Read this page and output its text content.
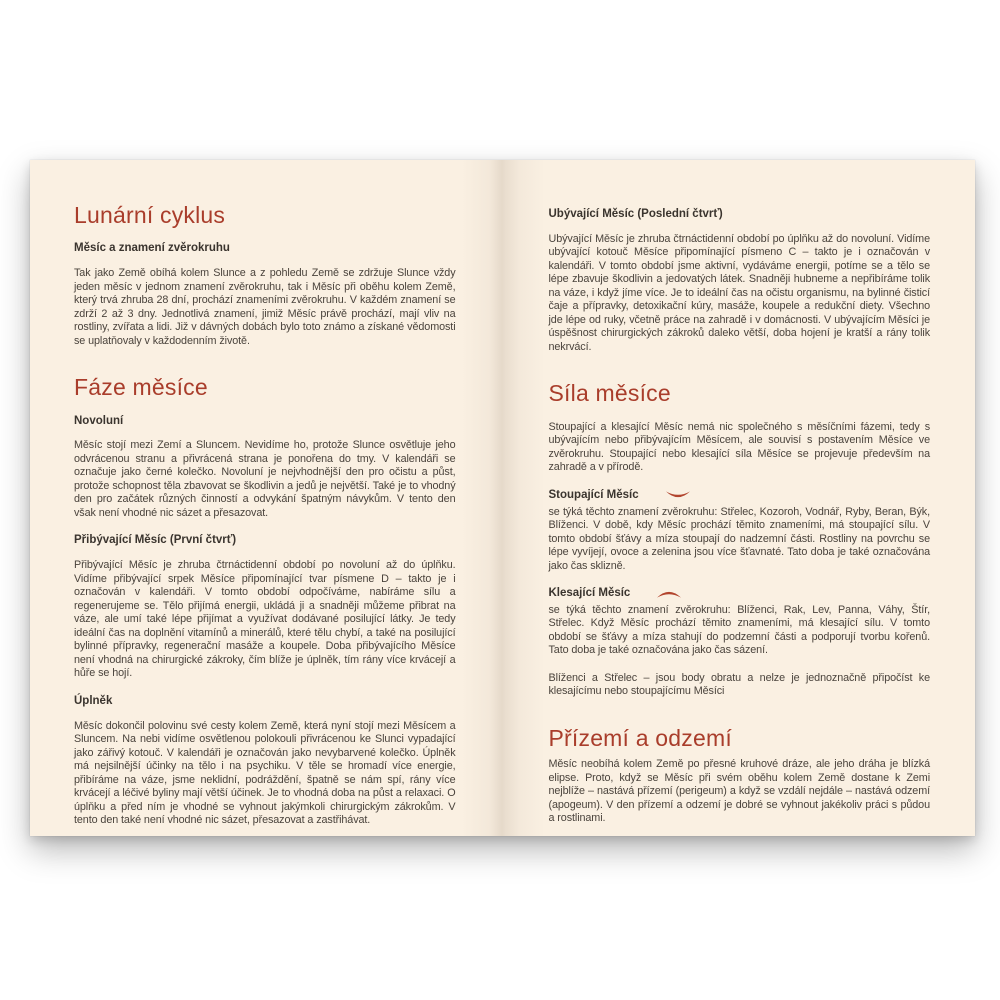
Lunární cyklus
Měsíc a znamení zvěrokruhu

Tak jako Země obíhá kolem Slunce a z pohledu Země se zdržuje Slunce vždy jeden měsíc v jednom znamení zvěrokruhu, tak i Měsíc při oběhu kolem Země, který trvá zhruba 28 dní, prochází znameními zvěrokruhu. V každém znamení se zdrží 2 až 3 dny. Jednotlivá znamení, jimiž Měsíc právě prochází, mají vliv na rostliny, zvířata a lidi. Již v dávných dobách bylo toto známo a získané vědomosti se uplatňovaly v každodenním životě.

Fáze měsíce
Novoluní

Měsíc stojí mezi Zemí a Sluncem. Nevidíme ho, protože Slunce osvětluje jeho odvrácenou stranu a přivrácená strana je ponořena do tmy. V kalendáři se označuje jako černé kolečko. Novoluní je nejvhodnější den pro očistu a půst, protože schopnost těla zbavovat se škodlivin a jedů je největší. Také je to vhodný den pro začátek různých činností a odvykání špatným návykům. V tento den však není vhodné nic sázet a přesazovat.

Přibývající Měsíc (První čtvrť)

Přibývající Měsíc je zhruba čtrnáctidenní období po novoluní až do úplňku. Vidíme přibývající srpek Měsíce připomínající tvar písmene D – takto je i označován v kalendáři. V tomto období odpočíváme, nabíráme sílu a regenerujeme se. Tělo přijímá energii, ukládá ji a snadněji můžeme přibrat na váze, ale umí také lépe přijímat a využívat dodávané posilující látky. Je tedy ideální čas na doplnění vitamínů a minerálů, které tělu chybí, a také na posilující bylinné přípravky, regenerační masáže a koupele. Doba přibývajícího Měsíce není vhodná na chirurgické zákroky, čím blíže je úplněk, tím rány více krvácejí a hůře se hojí.

Úplněk

Měsíc dokončil polovinu své cesty kolem Země, která nyní stojí mezi Měsícem a Sluncem. Na nebi vidíme osvětlenou polokouli přivrácenou ke Slunci vypadající jako zářivý kotouč. V kalendáři je označován jako nevybarvené kolečko. Úplněk má nejsilnější účinky na tělo i na psychiku. V těle se hromadí více energie, přibíráme na váze, jsme neklidní, podráždění, špatně se nám spí, rány více krvácejí a léčivé byliny mají větší účinek. Je to vhodná doba na půst a relaxaci. O úplňku a před ním je vhodné se vyhnout jakýmkoli chirurgickým zákrokům. V tento den také není vhodné nic sázet, přesazovat a zastřihávat.

Ubývající Měsíc (Poslední čtvrť)

Ubývající Měsíc je zhruba čtrnáctidenní období po úplňku až do novoluní. Vidíme ubývající kotouč Měsíce připomínající písmeno C – takto je i označován v kalendáři. V tomto období jsme aktivní, vydáváme energii, potíme se a tělo se lépe zbavuje škodlivin a jedovatých látek. Snadněji hubneme a nepřibíráme tolik na váze, i když jíme více. Je to ideální čas na očistu organismu, na bylinné čisticí čaje a přípravky, detoxikační kúry, masáže, koupele a redukční diety. Všechno jde lépe od ruky, včetně práce na zahradě i v domácnosti. V ubývajícím Měsíci je úspěšnost chirurgických zákroků daleko větší, doba hojení je kratší a rány tolik nekrvácí.

Síla měsíce

Stoupající a klesající Měsíc nemá nic společného s měsíčními fázemi, tedy s ubývajícím nebo přibývajícím Měsícem, ale souvisí s postavením Měsíce ve zvěrokruhu. Stoupající nebo klesající síla Měsíce se projevuje především na zahradě a v přírodě.

Stoupající Měsíc

se týká těchto znamení zvěrokruhu: Střelec, Kozoroh, Vodnář, Ryby, Beran, Býk, Blíženci. V době, kdy Měsíc prochází těmito znameními, má stoupající sílu. V tomto období šťávy a míza stoupají do nadzemní části. Rostliny na povrchu se lépe vyvíjejí, ovoce a zelenina jsou více šťavnaté. Tato doba je také označována jako čas sklizně.

Klesající Měsíc

se týká těchto znamení zvěrokruhu: Blíženci, Rak, Lev, Panna, Váhy, Štír, Střelec. Když Měsíc prochází těmito znameními, má klesající sílu. V tomto období se šťávy a míza stahují do podzemní části a podporují tvorbu kořenů. Tato doba je také označována jako čas sázení.

Blíženci a Střelec – jsou body obratu a nelze je jednoznačně připočíst ke klesajícímu nebo stoupajícímu Měsíci

Přízemí a odzemí

Měsíc neobíhá kolem Země po přesné kruhové dráze, ale jeho dráha je blízká elipse. Proto, když se Měsíc při svém oběhu kolem Země dostane k Zemi nejblíže – nastává přízemí (perigeum) a když se vzdálí nejdále – nastává odzemí (apogeum). V den přízemí a odzemí je dobré se vyhnout jakékoliv práci s půdou a rostlinami.
